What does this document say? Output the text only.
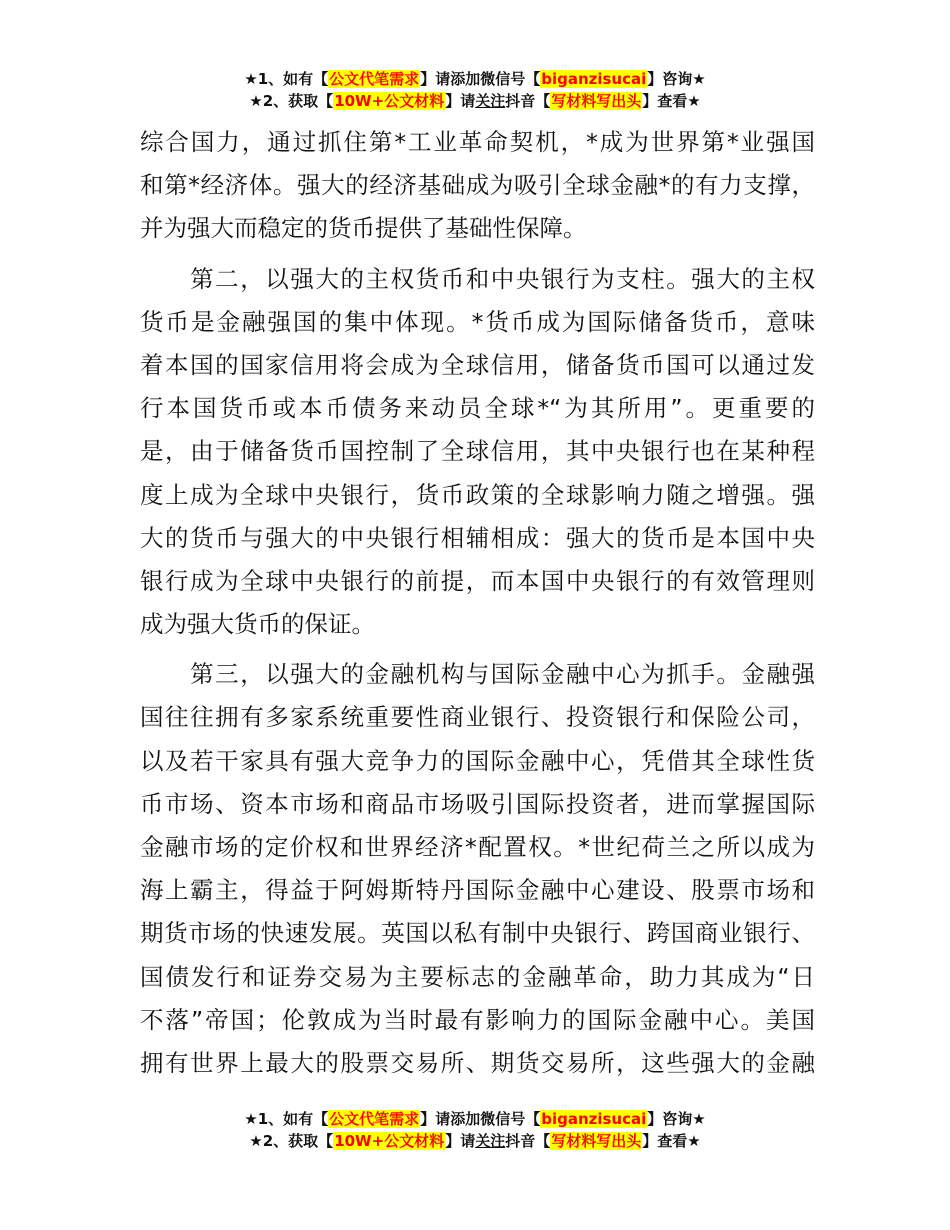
★1、如有【公文代笔需求】请添加微信号【biganzisucai】咨询★
★2、获取【10W+公文材料】请关注抖音【写材料写出头】查看★
综合国力，通过抓住第*工业革命契机，*成为世界第*业强国
和第*经济体。强大的经济基础成为吸引全球金融*的有力支撑，
并为强大而稳定的货币提供了基础性保障。
　　第二，以强大的主权货币和中央银行为支柱。强大的主权
货币是金融强国的集中体现。*货币成为国际储备货币，意味
着本国的国家信用将会成为全球信用，储备货币国可以通过发
行本国货币或本币债务来动员全球*“为其所用”。更重要的
是，由于储备货币国控制了全球信用，其中央银行也在某种程
度上成为全球中央银行，货币政策的全球影响力随之增强。强
大的货币与强大的中央银行相辅相成：强大的货币是本国中央
银行成为全球中央银行的前提，而本国中央银行的有效管理则
成为强大货币的保证。
　　第三，以强大的金融机构与国际金融中心为抓手。金融强
国往往拥有多家系统重要性商业银行、投资银行和保险公司，
以及若干家具有强大竞争力的国际金融中心，凭借其全球性货
币市场、资本市场和商品市场吸引国际投资者，进而掌握国际
金融市场的定价权和世界经济*配置权。*世纪荷兰之所以成为
海上霸主，得益于阿姆斯特丹国际金融中心建设、股票市场和
期货市场的快速发展。英国以私有制中央银行、跨国商业银行、
国债发行和证券交易为主要标志的金融革命，助力其成为“日
不落”帝国；伦敦成为当时最有影响力的国际金融中心。美国
拥有世界上最大的股票交易所、期货交易所，这些强大的金融
★1、如有【公文代笔需求】请添加微信号【biganzisucai】咨询★
★2、获取【10W+公文材料】请关注抖音【写材料写出头】查看★
